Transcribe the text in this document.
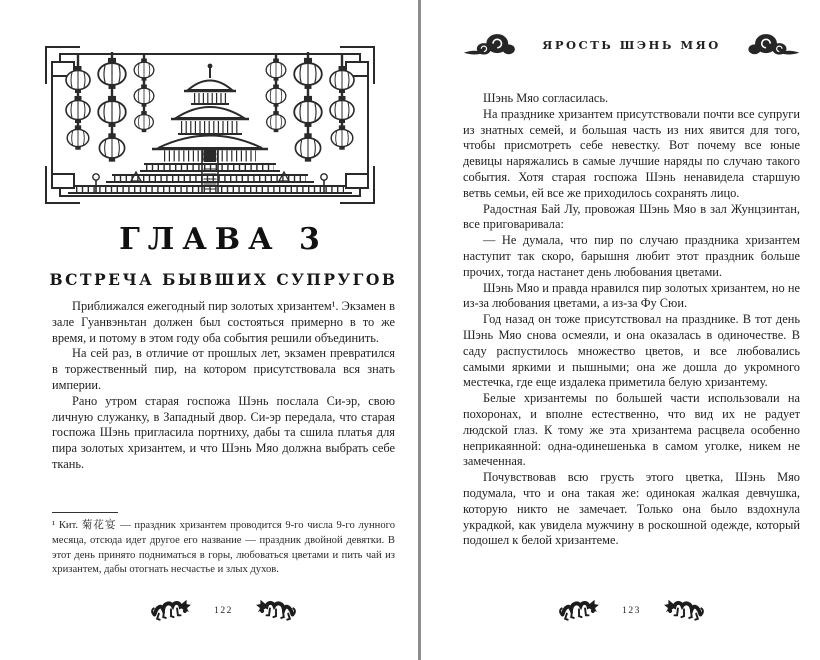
ГЛАВА 3
ВСТРЕЧА БЫВШИХ СУПРУГОВ

Приближался ежегодный пир золотых хризантем¹. Экзамен в зале Гуанвэньтан должен был состояться примерно в то же время, и потому в этом году оба события решили объединить.

На сей раз, в отличие от прошлых лет, экзамен превратился в торжественный пир, на котором присутствовала вся знать империи.

Рано утром старая госпожа Шэнь послала Си-эр, свою личную служанку, в Западный двор. Си-эр передала, что старая госпожа Шэнь пригласила портниху, дабы та сшила платья для пира золотых хризантем, и что Шэнь Мяо должна выбрать себе ткань.

¹ Кит. 菊花宴 — праздник хризантем проводится 9-го числа 9-го лунного месяца, отсюда идет другое его название — праздник двойной девятки. В этот день принято подниматься в горы, любоваться цветами и пить чай из хризантем, дабы отогнать несчастье и злых духов.
122
ЯРОСТЬ ШЭНЬ МЯО

Шэнь Мяо согласилась.

На празднике хризантем присутствовали почти все супруги из знатных семей, и большая часть из них явится для того, чтобы присмотреть себе невестку. Вот почему все юные девицы наряжались в самые лучшие наряды по случаю такого события. Хотя старая госпожа Шэнь ненавидела старшую ветвь семьи, ей все же приходилось сохранять лицо.

Радостная Бай Лу, провожая Шэнь Мяо в зал Жунцзинтан, все приговаривала:

— Не думала, что пир по случаю праздника хризантем наступит так скоро, барышня любит этот праздник больше прочих, тогда настанет день любования цветами.

Шэнь Мяо и правда нравился пир золотых хризантем, но не из-за любования цветами, а из-за Фу Сюи.

Год назад он тоже присутствовал на празднике. В тот день Шэнь Мяо снова осмеяли, и она оказалась в одиночестве. В саду распустилось множество цветов, и все любовались самыми яркими и пышными; она же дошла до укромного местечка, где еще издалека приметила белую хризантему.

Белые хризантемы по большей части использовали на похоронах, и вполне естественно, что вид их не радует людской глаз. К тому же эта хризантема расцвела особенно неприкаянной: одна-одинешенька в самом уголке, никем не замеченная.

Почувствовав всю грусть этого цветка, Шэнь Мяо подумала, что и она такая же: одинокая жалкая девчушка, которую никто не замечает. Только она было вздохнула украдкой, как увидела мужчину в роскошной одежде, который подошел к белой хризантеме.

123
